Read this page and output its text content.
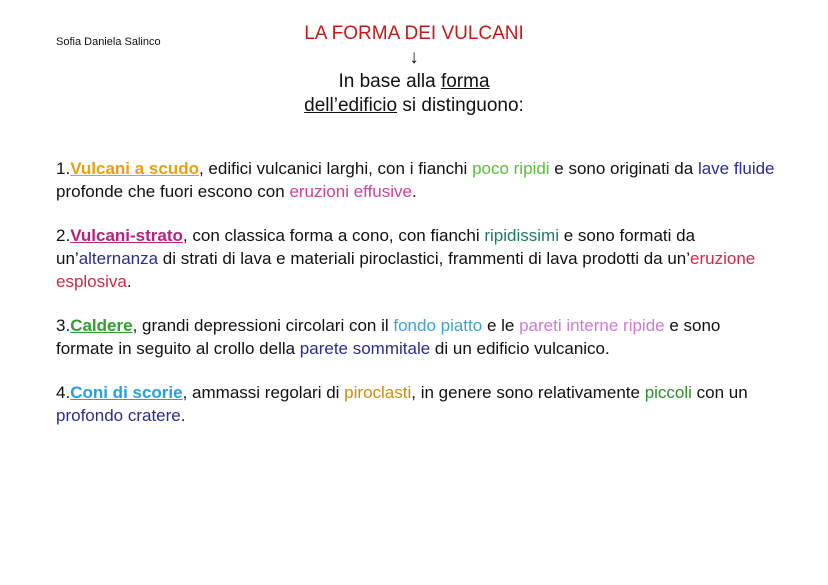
Sofia Daniela Salinco	LA FORMA DEI VULCANI
↓
In base alla forma
dell’edificio si distinguono:
1.Vulcani a scudo, edifici vulcanici larghi, con i fianchi poco ripidi e sono originati da lave fluide profonde che fuori escono con eruzioni effusive.
2.Vulcani-strato, con classica forma a cono, con fianchi ripidissimi e sono formati da un’alternanza di strati di lava e materiali piroclastici, frammenti di lava prodotti da un’eruzione esplosiva.
3.Caldere, grandi depressioni circolari con il fondo piatto e le pareti interne ripide e sono formate in seguito al crollo della parete sommitale di un edificio vulcanico.
4.Coni di scorie, ammassi regolari di piroclasti, in genere sono relativamente piccoli con un profondo cratere.
